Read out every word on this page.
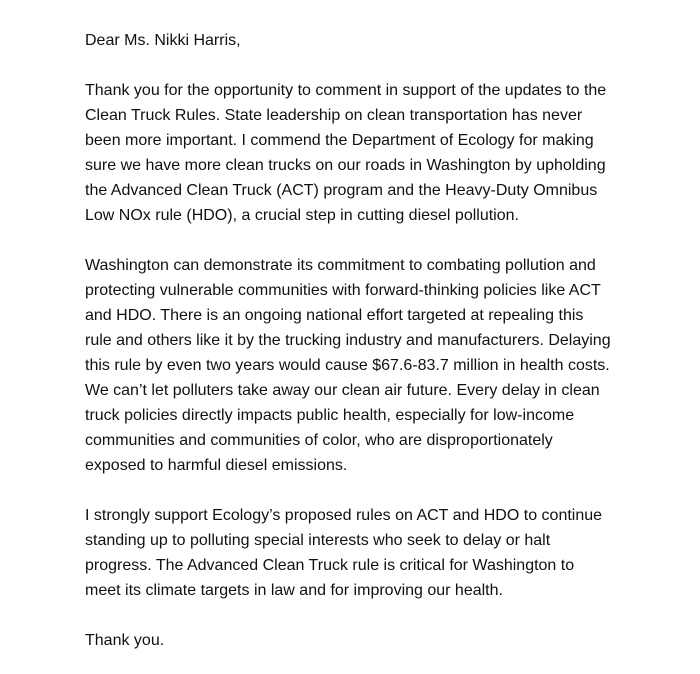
Dear Ms. Nikki Harris,

Thank you for the opportunity to comment in support of the updates to the
Clean Truck Rules. State leadership on clean transportation has never
been more important. I commend the Department of Ecology for making
sure we have more clean trucks on our roads in Washington by upholding
the Advanced Clean Truck (ACT) program and the Heavy-Duty Omnibus
Low NOx rule (HDO), a crucial step in cutting diesel pollution.

Washington can demonstrate its commitment to combating pollution and
protecting vulnerable communities with forward-thinking policies like ACT
and HDO. There is an ongoing national effort targeted at repealing this
rule and others like it by the trucking industry and manufacturers. Delaying
this rule by even two years would cause $67.6-83.7 million in health costs.
We can’t let polluters take away our clean air future. Every delay in clean
truck policies directly impacts public health, especially for low-income
communities and communities of color, who are disproportionately
exposed to harmful diesel emissions.

I strongly support Ecology’s proposed rules on ACT and HDO to continue
standing up to polluting special interests who seek to delay or halt
progress. The Advanced Clean Truck rule is critical for Washington to
meet its climate targets in law and for improving our health.

Thank you.
